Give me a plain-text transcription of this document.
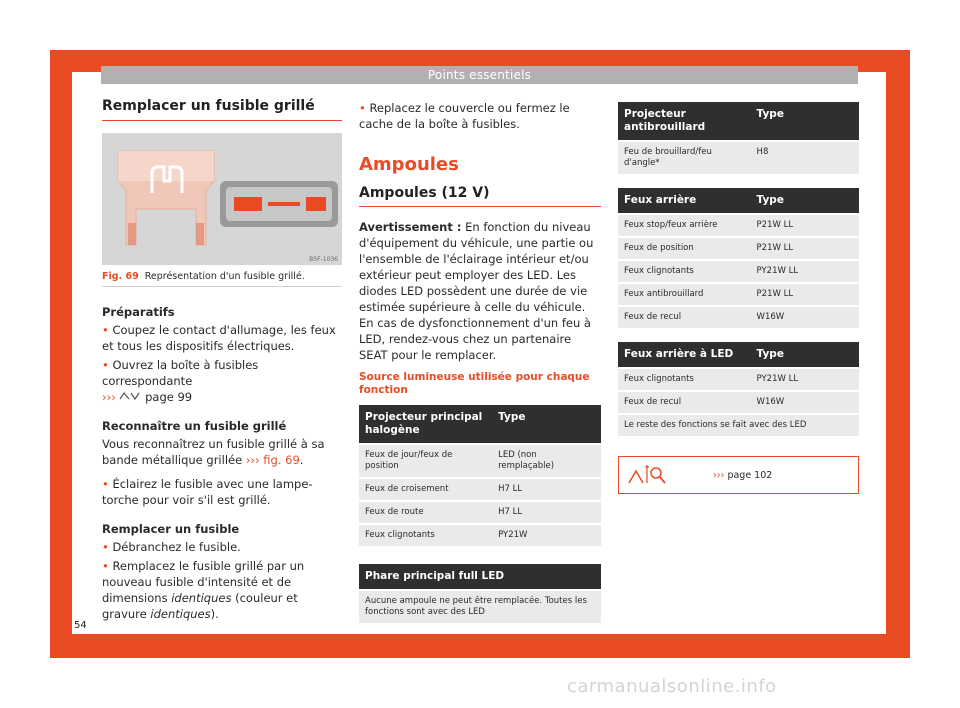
Points essentiels
Remplacer un fusible grillé
B5F-1036
Fig. 69 Représentation d'un fusible grillé.
Préparatifs
• Coupez le contact d'allumage, les feux et tous les dispositifs électriques.
• Ouvrez la boîte à fusibles correspondante
›››	page 99
Reconnaître un fusible grillé

Vous reconnaîtrez un fusible grillé à sa bande métallique grillée ››› fig. 69.

• Éclairez le fusible avec une lampe-torche pour voir s'il est grillé.
Remplacer un fusible
• Débranchez le fusible.
• Remplacez le fusible grillé par un nouveau fusible d'intensité et de dimensions identiques (couleur et gravure identiques).
• Replacez le couvercle ou fermez le cache de la boîte à fusibles.
Ampoules
Ampoules (12 V)

Avertissement : En fonction du niveau d'équipement du véhicule, une partie ou l'ensemble de l'éclairage intérieur et/ou extérieur peut employer des LED. Les diodes LED possèdent une durée de vie estimée supérieure à celle du véhicule. En cas de dysfonctionnement d'un feu à LED, rendez-vous chez un partenaire SEAT pour le remplacer.

Source lumineuse utilisée pour chaque fonction
Projecteur principal halogène	Type
Feux de jour/feux de position	LED (non remplaçable)
Feux de croisement	H7 LL
Feux de route	H7 LL
Feux clignotants	PY21W
Phare principal full LED
Aucune ampoule ne peut être remplacée. Toutes les fonctions sont avec des LED
Projecteur antibrouillard	Type
Feu de brouillard/feu d'angle*	H8
Feux arrière	Type
Feux stop/feux arrière	P21W LL
Feux de position	P21W LL
Feux clignotants	PY21W LL
Feux antibrouillard	P21W LL
Feux de recul	W16W
Feux arrière à LED	Type
Feux clignotants	PY21W LL
Feux de recul	W16W
Le reste des fonctions se fait avec des LED	
››› page 102
54
carmanualsonline.info
